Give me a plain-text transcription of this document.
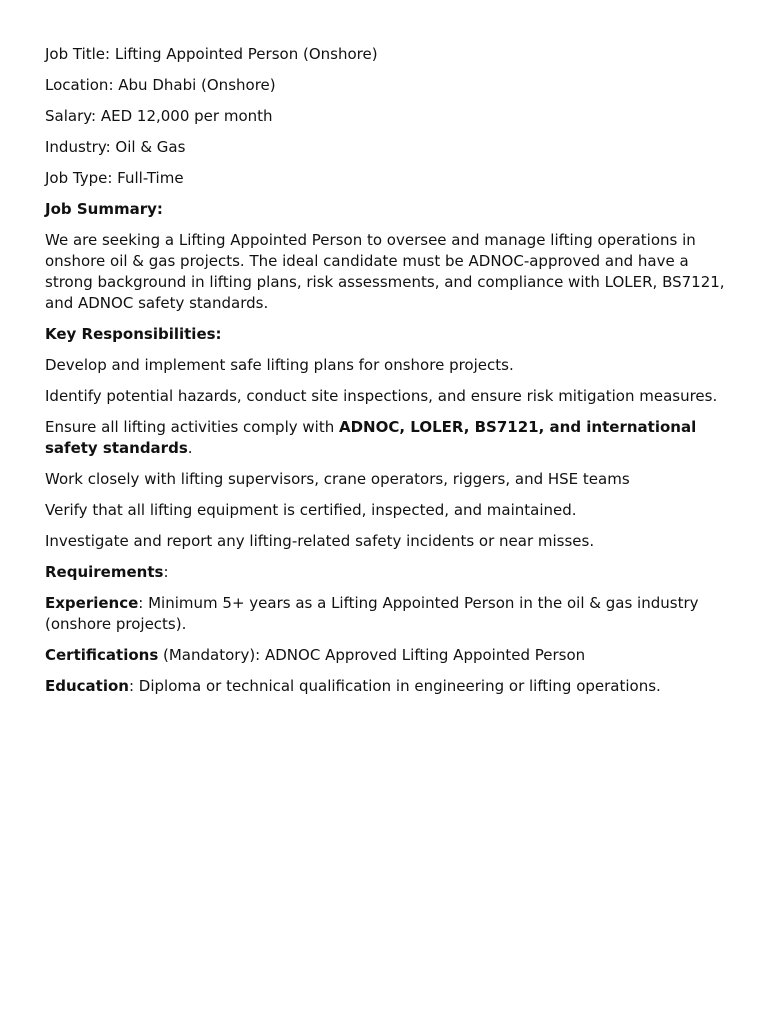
Job Title: Lifting Appointed Person (Onshore)

Location: Abu Dhabi (Onshore)

Salary: AED 12,000 per month

Industry: Oil & Gas

Job Type: Full-Time

Job Summary:

We are seeking a Lifting Appointed Person to oversee and manage lifting operations in onshore oil & gas projects. The ideal candidate must be ADNOC-approved and have a strong background in lifting plans, risk assessments, and compliance with LOLER, BS7121, and ADNOC safety standards.

Key Responsibilities:

Develop and implement safe lifting plans for onshore projects.

Identify potential hazards, conduct site inspections, and ensure risk mitigation measures.

Ensure all lifting activities comply with ADNOC, LOLER, BS7121, and international safety standards.

Work closely with lifting supervisors, crane operators, riggers, and HSE teams

Verify that all lifting equipment is certified, inspected, and maintained.

Investigate and report any lifting-related safety incidents or near misses.

Requirements:

Experience: Minimum 5+ years as a Lifting Appointed Person in the oil & gas industry (onshore projects).

Certifications (Mandatory): ADNOC Approved Lifting Appointed Person

Education: Diploma or technical qualification in engineering or lifting operations.
